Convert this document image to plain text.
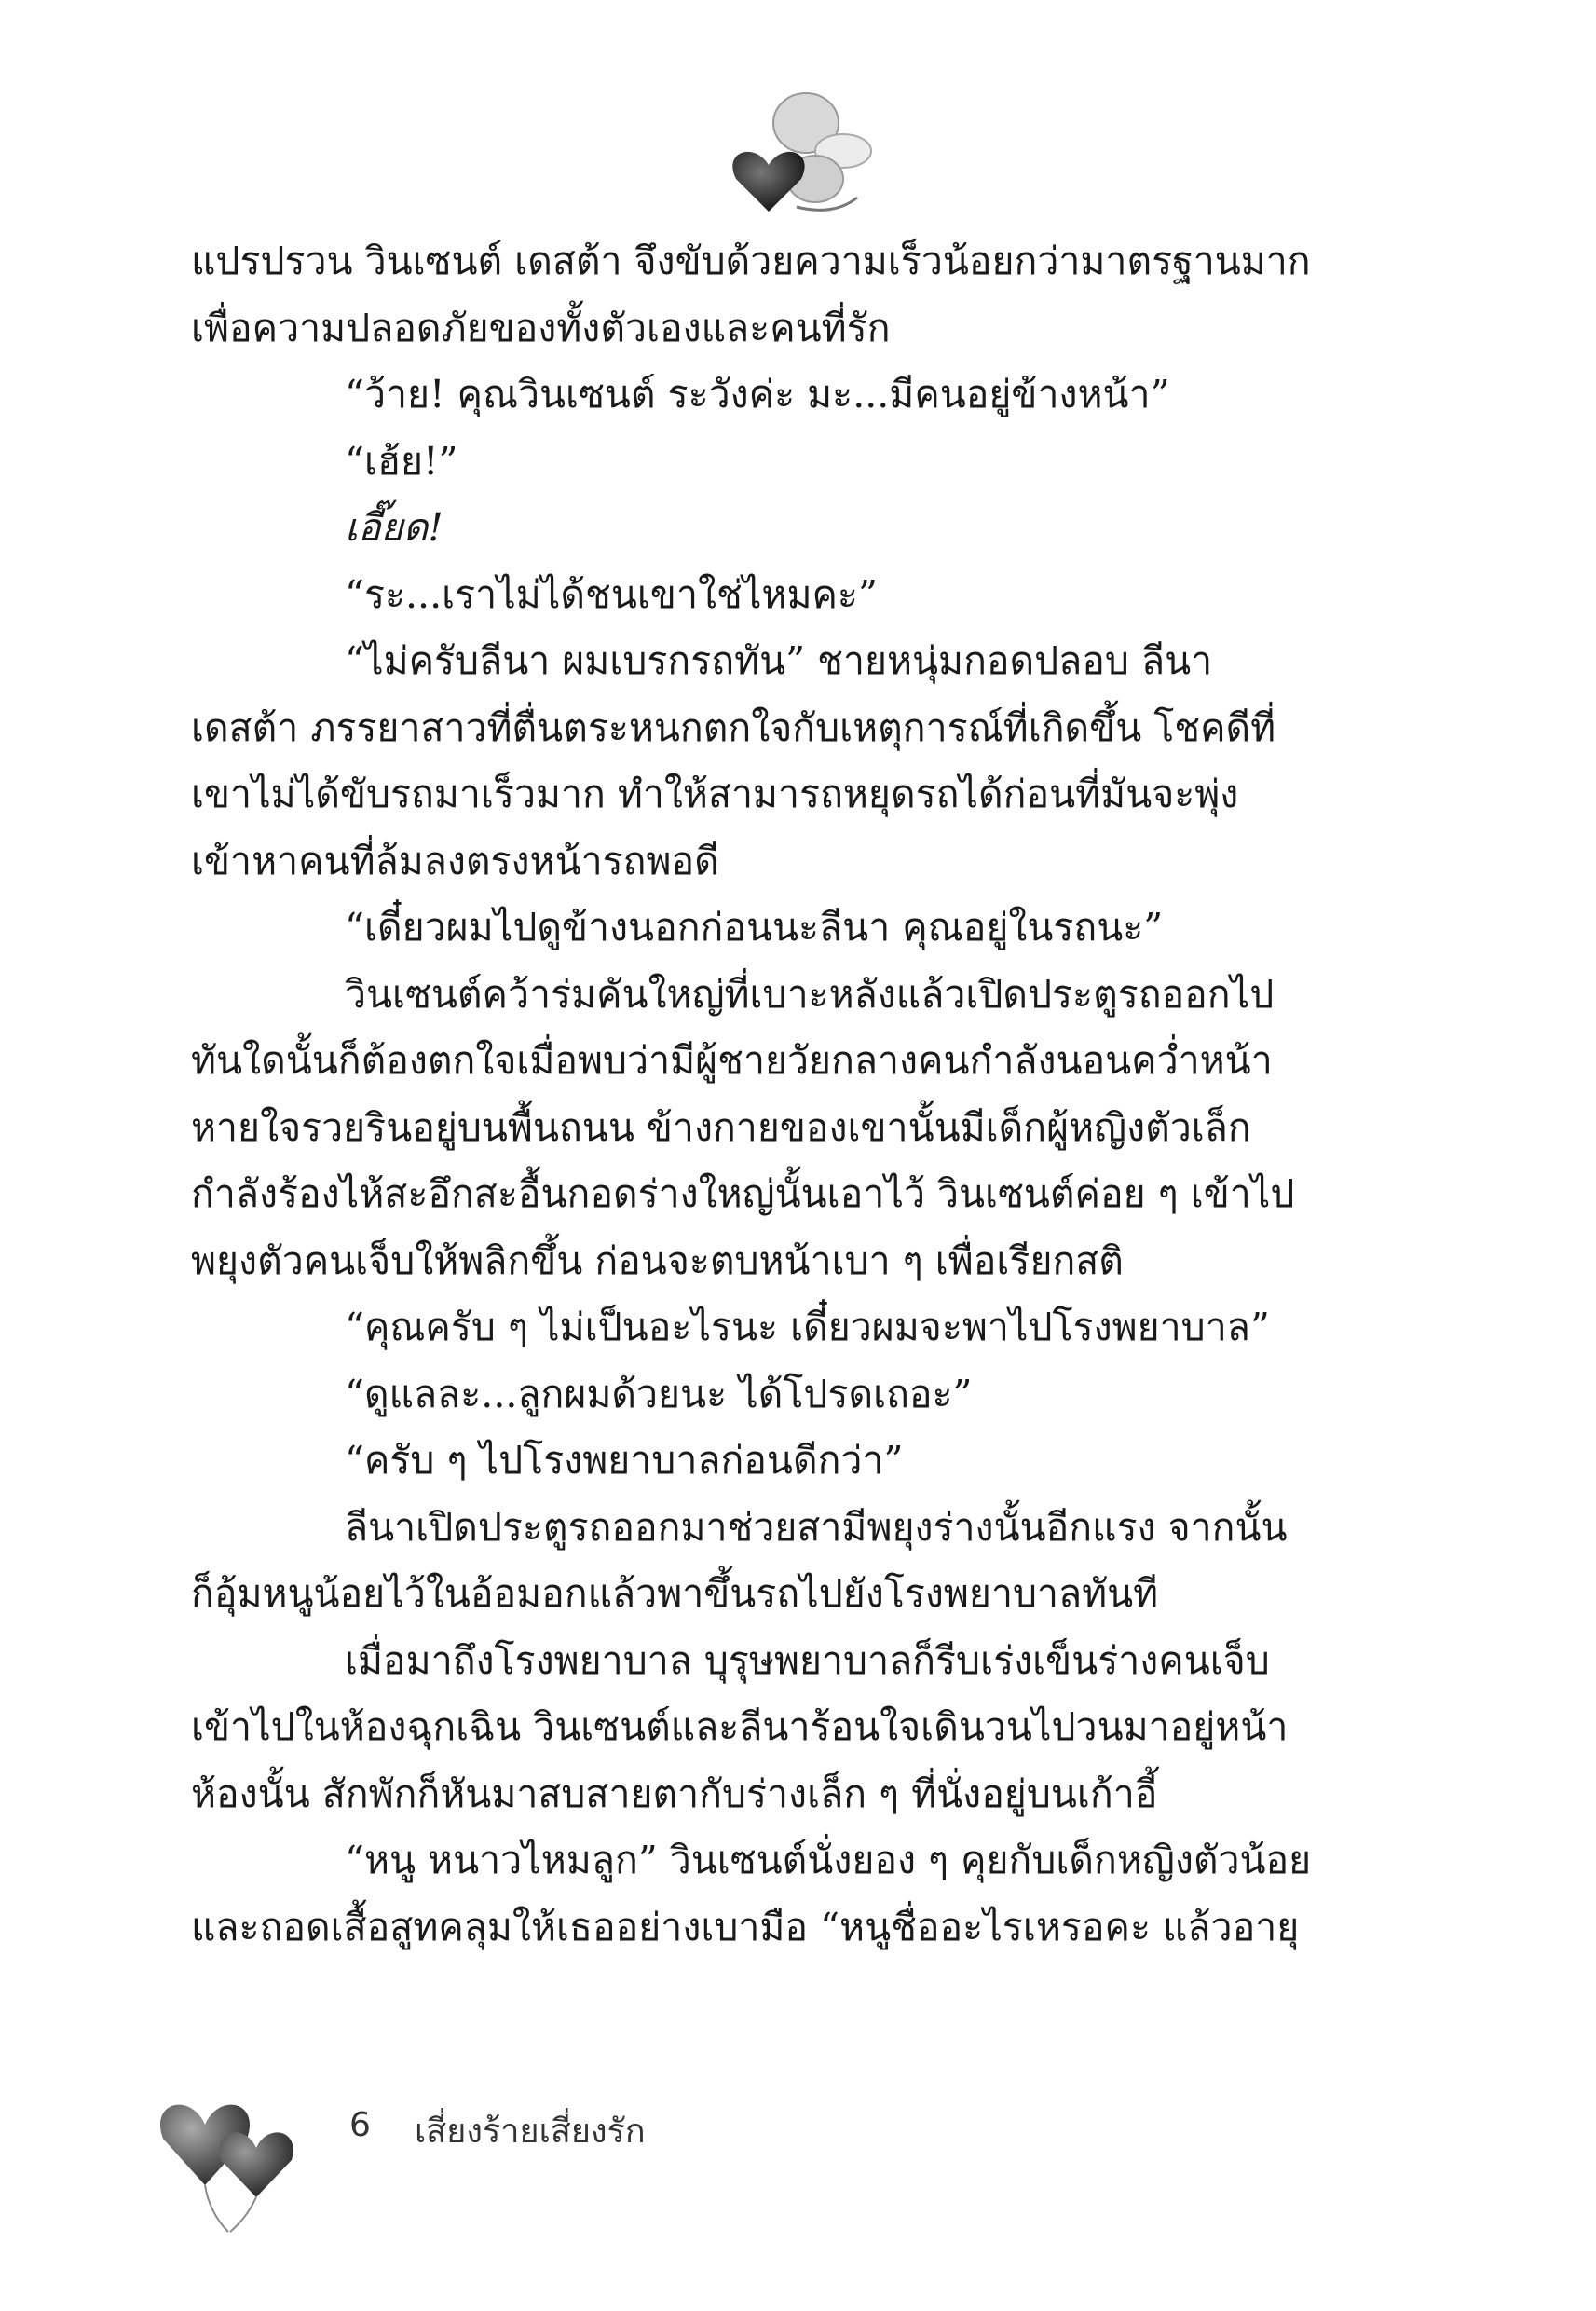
แปรปรวน วินเซนต์ เดสต้า จึงขับด้วยความเร็วน้อยกว่ามาตรฐานมาก
เพื่อความปลอดภัยของทั้งตัวเองและคนที่รัก
“ว้าย! คุณวินเซนต์ ระวังค่ะ มะ...มีคนอยู่ข้างหน้า”
“เฮ้ย!”
เอี๊ยด!
“ระ...เราไม่ได้ชนเขาใช่ไหมคะ”
“ไม่ครับลีนา ผมเบรกรถทัน” ชายหนุ่มกอดปลอบ ลีนา
เดสต้า ภรรยาสาวที่ตื่นตระหนกตกใจกับเหตุการณ์ที่เกิดขึ้น โชคดีที่
เขาไม่ได้ขับรถมาเร็วมาก ทำให้สามารถหยุดรถได้ก่อนที่มันจะพุ่ง
เข้าหาคนที่ล้มลงตรงหน้ารถพอดี
“เดี๋ยวผมไปดูข้างนอกก่อนนะลีนา คุณอยู่ในรถนะ”
วินเซนต์คว้าร่มคันใหญ่ที่เบาะหลังแล้วเปิดประตูรถออกไป
ทันใดนั้นก็ต้องตกใจเมื่อพบว่ามีผู้ชายวัยกลางคนกำลังนอนคว่ำหน้า
หายใจรวยรินอยู่บนพื้นถนน ข้างกายของเขานั้นมีเด็กผู้หญิงตัวเล็ก
กำลังร้องไห้สะอึกสะอื้นกอดร่างใหญ่นั้นเอาไว้ วินเซนต์ค่อย ๆ เข้าไป
พยุงตัวคนเจ็บให้พลิกขึ้น ก่อนจะตบหน้าเบา ๆ เพื่อเรียกสติ
“คุณครับ ๆ ไม่เป็นอะไรนะ เดี๋ยวผมจะพาไปโรงพยาบาล”
“ดูแลละ...ลูกผมด้วยนะ ได้โปรดเถอะ”
“ครับ ๆ ไปโรงพยาบาลก่อนดีกว่า”
ลีนาเปิดประตูรถออกมาช่วยสามีพยุงร่างนั้นอีกแรง จากนั้น
ก็อุ้มหนูน้อยไว้ในอ้อมอกแล้วพาขึ้นรถไปยังโรงพยาบาลทันที
เมื่อมาถึงโรงพยาบาล บุรุษพยาบาลก็รีบเร่งเข็นร่างคนเจ็บ
เข้าไปในห้องฉุกเฉิน วินเซนต์และลีนาร้อนใจเดินวนไปวนมาอยู่หน้า
ห้องนั้น สักพักก็หันมาสบสายตากับร่างเล็ก ๆ ที่นั่งอยู่บนเก้าอี้
“หนู หนาวไหมลูก” วินเซนต์นั่งยอง ๆ คุยกับเด็กหญิงตัวน้อย
และถอดเสื้อสูทคลุมให้เธออย่างเบามือ “หนูชื่ออะไรเหรอคะ แล้วอายุ
6 เสี่ยงร้ายเสี่ยงรัก
